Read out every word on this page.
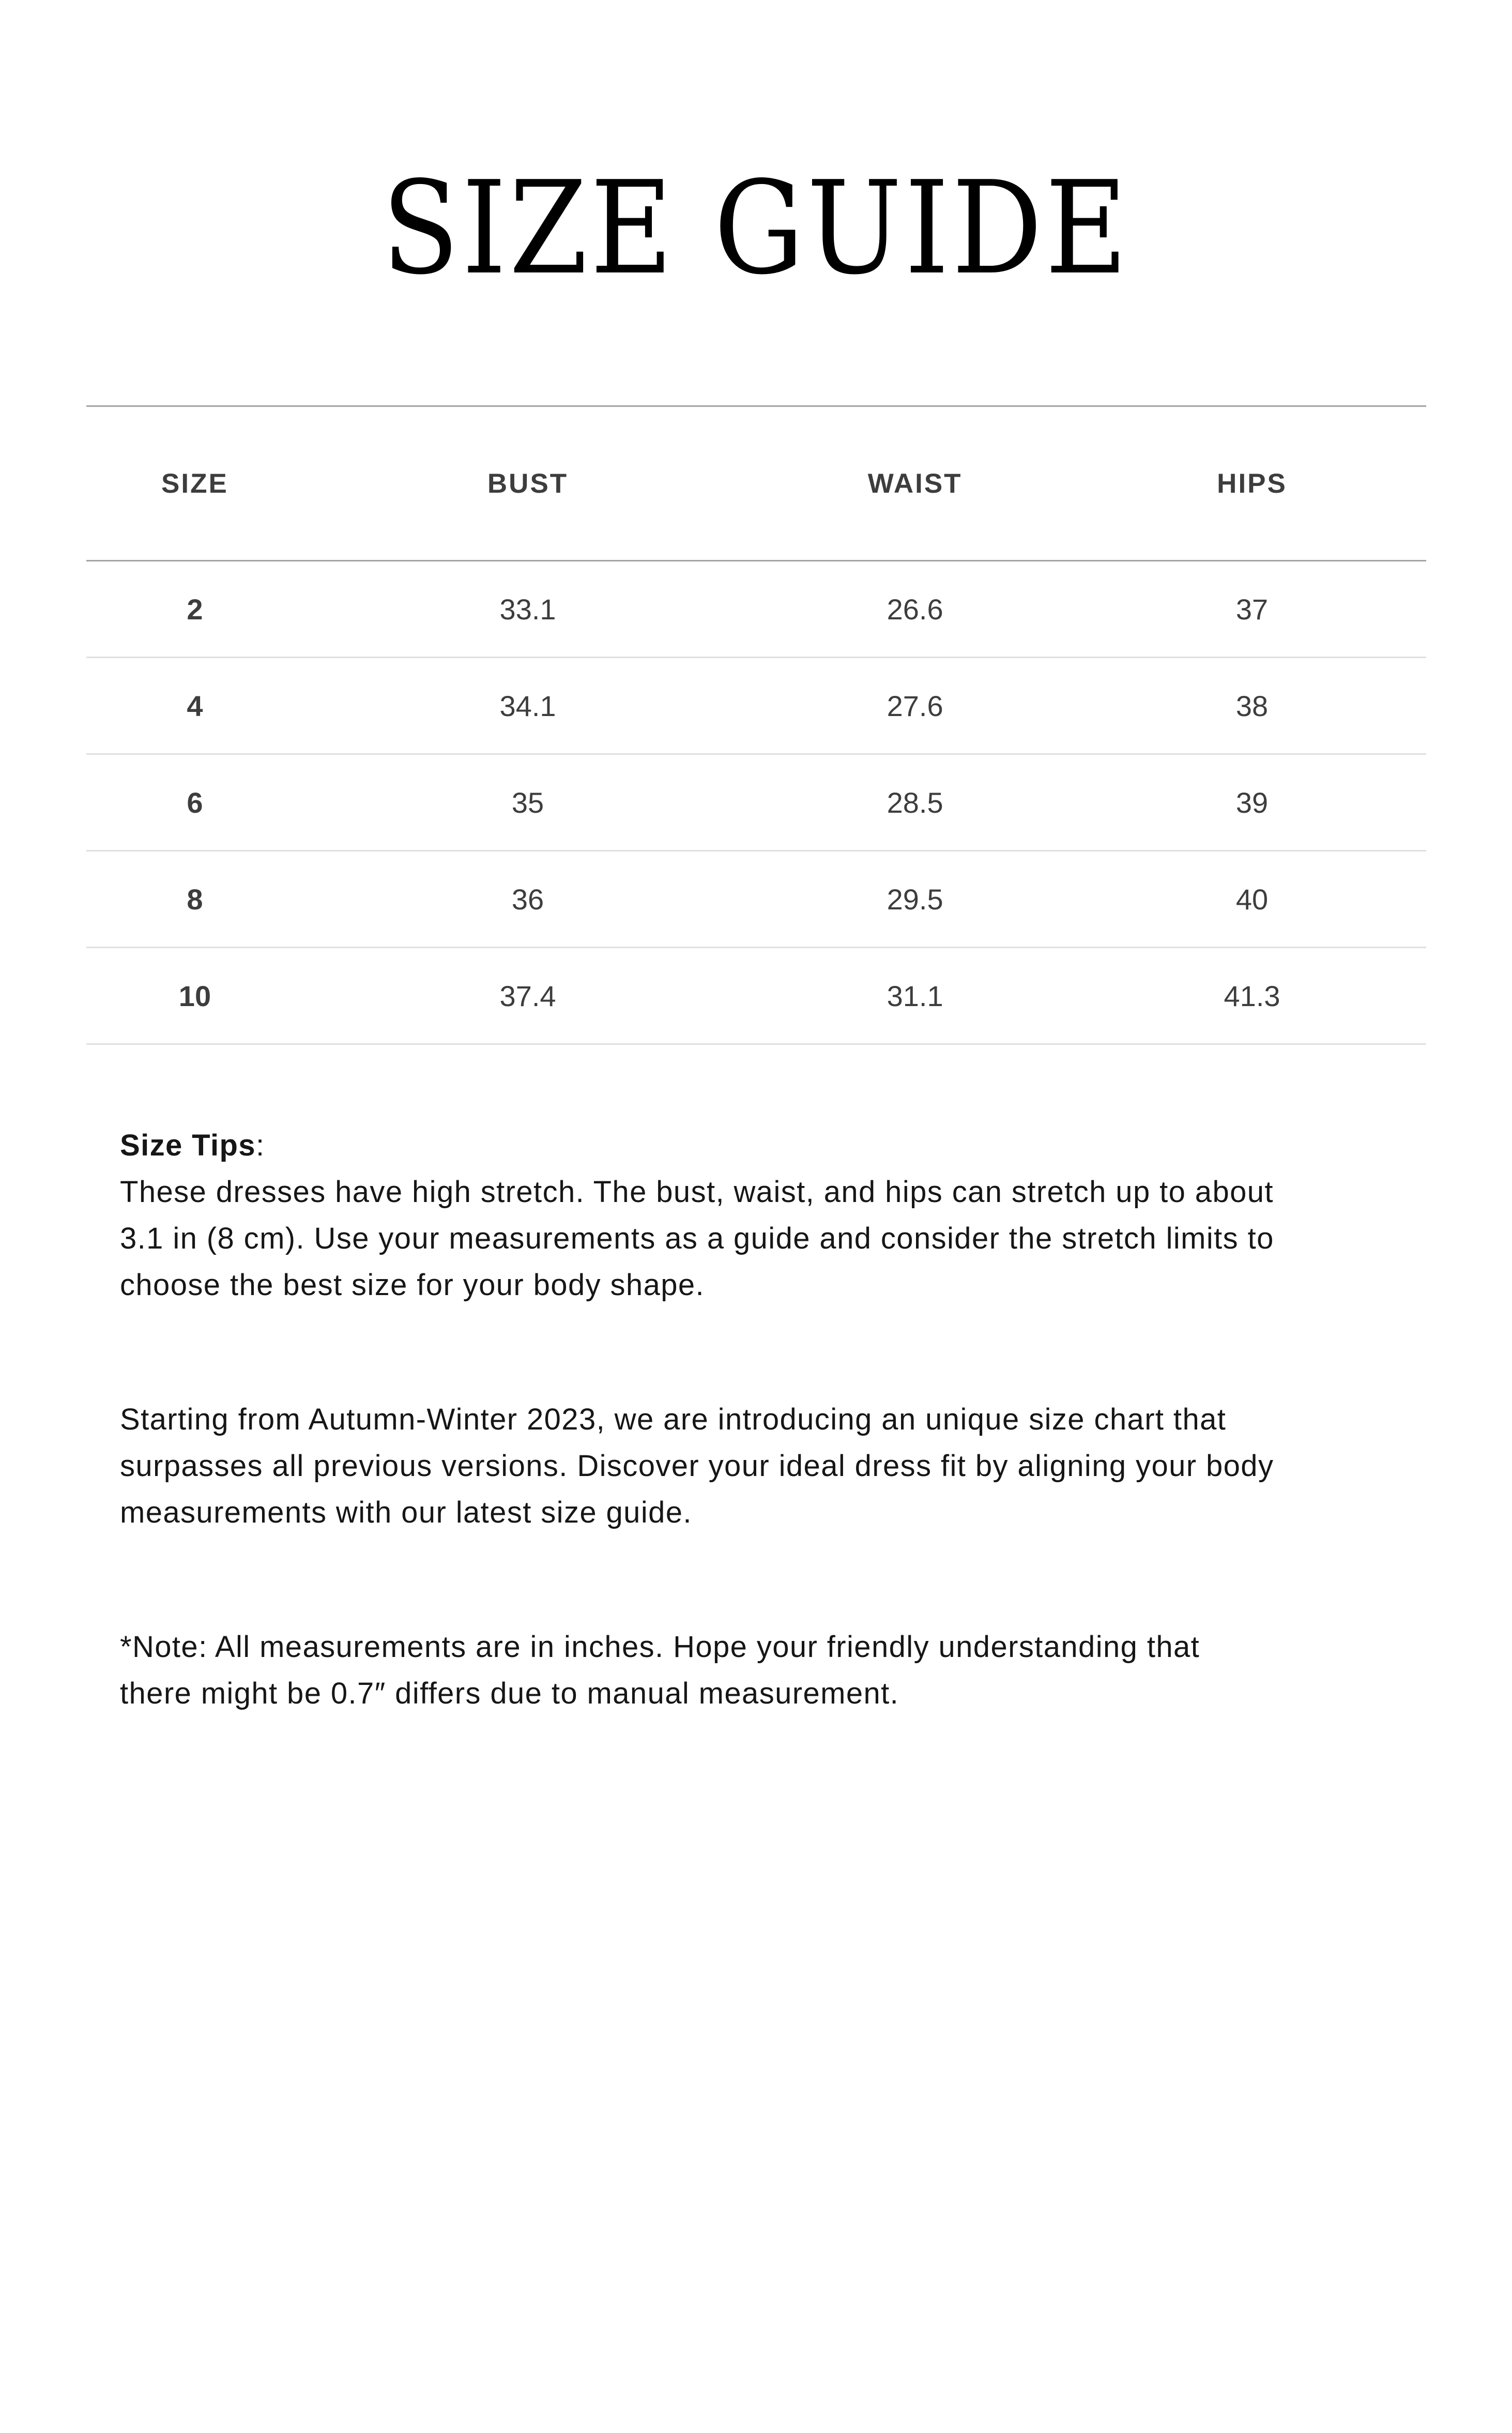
SIZE GUIDE
SIZE	BUST	WAIST	HIPS
2	33.1	26.6	37
4	34.1	27.6	38
6	35	28.5	39
8	36	29.5	40
10	37.4	31.1	41.3
Size Tips:
These dresses have high stretch. The bust, waist, and hips can stretch up to about
3.1 in (8 cm). Use your measurements as a guide and consider the stretch limits to
choose the best size for your body shape.
Starting from Autumn-Winter 2023, we are introducing an unique size chart that
surpasses all previous versions. Discover your ideal dress fit by aligning your body
measurements with our latest size guide.
*Note: All measurements are in inches. Hope your friendly understanding that
there might be 0.7″ differs due to manual measurement.
